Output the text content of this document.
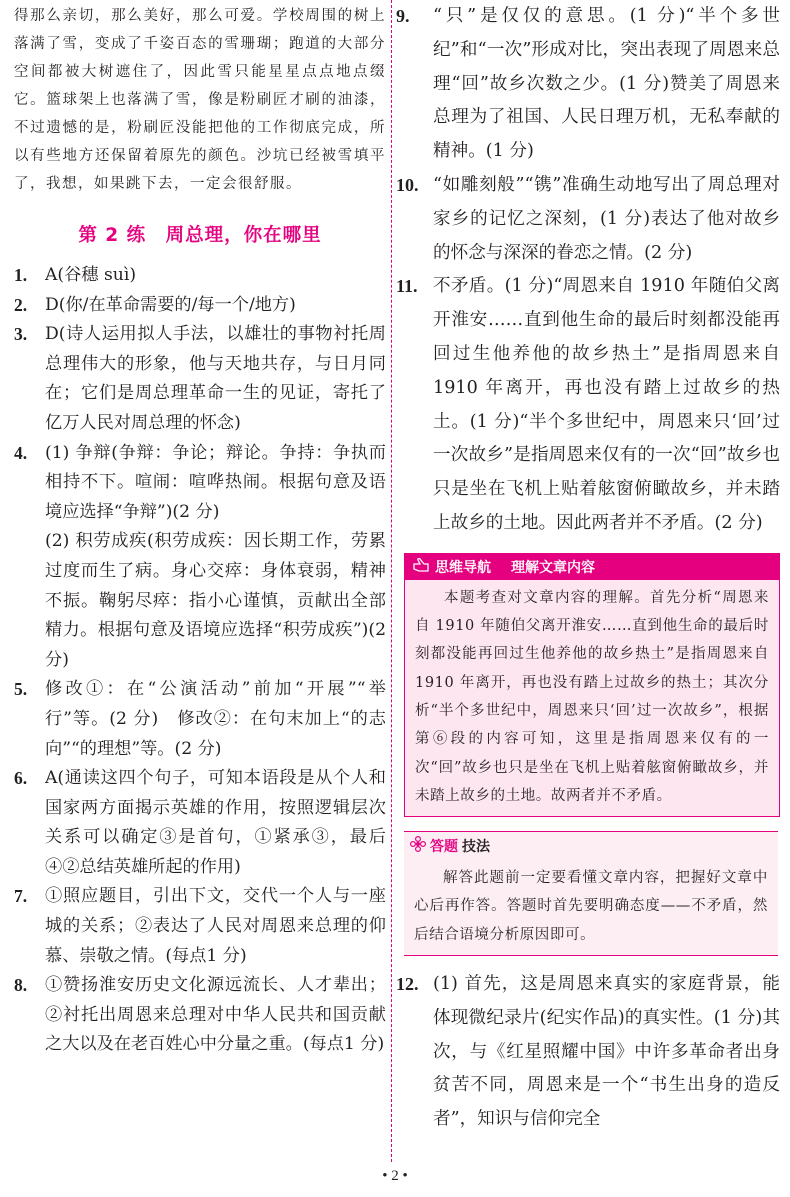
得那么亲切，那么美好，那么可爱。学校周围的树上落满了雪，变成了千姿百态的雪珊瑚；跑道的大部分空间都被大树遮住了，因此雪只能星星点点地点缀它。篮球架上也落满了雪，像是粉刷匠才刷的油漆，不过遗憾的是，粉刷匠没能把他的工作彻底完成，所以有些地方还保留着原先的颜色。沙坑已经被雪填平了，我想，如果跳下去，一定会很舒服。

第 2 练　周总理，你在哪里
1. A(谷穗 suì)
2. D(你/在革命需要的/每一个/地方)
3. D(诗人运用拟人手法，以雄壮的事物衬托周总理伟大的形象，他与天地共存，与日月同在；它们是周总理革命一生的见证，寄托了亿万人民对周总理的怀念)
4. (1) 争辩(争辩：争论；辩论。争持：争执而相持不下。喧闹：喧哗热闹。根据句意及语境应选择“争辩”)(2 分)
(2) 积劳成疾(积劳成疾：因长期工作，劳累过度而生了病。身心交瘁：身体衰弱，精神不振。鞠躬尽瘁：指小心谨慎，贡献出全部精力。根据句意及语境应选择“积劳成疾”)(2 分)
5. 修改①：在“公演活动”前加“开展”“举行”等。(2 分)　修改②：在句末加上“的志向”“的理想”等。(2 分)
6. A(通读这四个句子，可知本语段是从个人和国家两方面揭示英雄的作用，按照逻辑层次关系可以确定③是首句，①紧承③，最后④②总结英雄所起的作用)
7. ①照应题目，引出下文，交代一个人与一座城的关系；②表达了人民对周恩来总理的仰慕、崇敬之情。(每点1 分)
8. ①赞扬淮安历史文化源远流长、人才辈出；②衬托出周恩来总理对中华人民共和国贡献之大以及在老百姓心中分量之重。(每点1 分)
9. “只”是仅仅的意思。(1 分)“半个多世纪”和“一次”形成对比，突出表现了周恩来总理“回”故乡次数之少。(1 分)赞美了周恩来总理为了祖国、人民日理万机，无私奉献的精神。(1 分)
10. “如雕刻般”“镌”准确生动地写出了周总理对家乡的记忆之深刻，(1 分)表达了他对故乡的怀念与深深的眷恋之情。(2 分)
11. 不矛盾。(1 分)“周恩来自 1910 年随伯父离开淮安……直到他生命的最后时刻都没能再回过生他养他的故乡热土”是指周恩来自 1910 年离开，再也没有踏上过故乡的热土。(1 分)“半个多世纪中，周恩来只‘回’过一次故乡”是指周恩来仅有的一次“回”故乡也只是坐在飞机上贴着舷窗俯瞰故乡，并未踏上故乡的土地。因此两者并不矛盾。(2 分)
思维导航 理解文章内容
本题考查对文章内容的理解。首先分析“周恩来自 1910 年随伯父离开淮安……直到他生命的最后时刻都没能再回过生他养他的故乡热土”是指周恩来自 1910 年离开，再也没有踏上过故乡的热土；其次分析“半个多世纪中，周恩来只‘回’过一次故乡”，根据第⑥段的内容可知，这里是指周恩来仅有的一次“回”故乡也只是坐在飞机上贴着舷窗俯瞰故乡，并未踏上故乡的土地。故两者并不矛盾。
答题 技法
解答此题前一定要看懂文章内容，把握好文章中心后再作答。答题时首先要明确态度——不矛盾，然后结合语境分析原因即可。
12. (1) 首先，这是周恩来真实的家庭背景，能体现微纪录片(纪实作品)的真实性。(1 分)其次，与《红星照耀中国》中许多革命者出身贫苦不同，周恩来是一个“书生出身的造反者”，知识与信仰完全
• 2 •
